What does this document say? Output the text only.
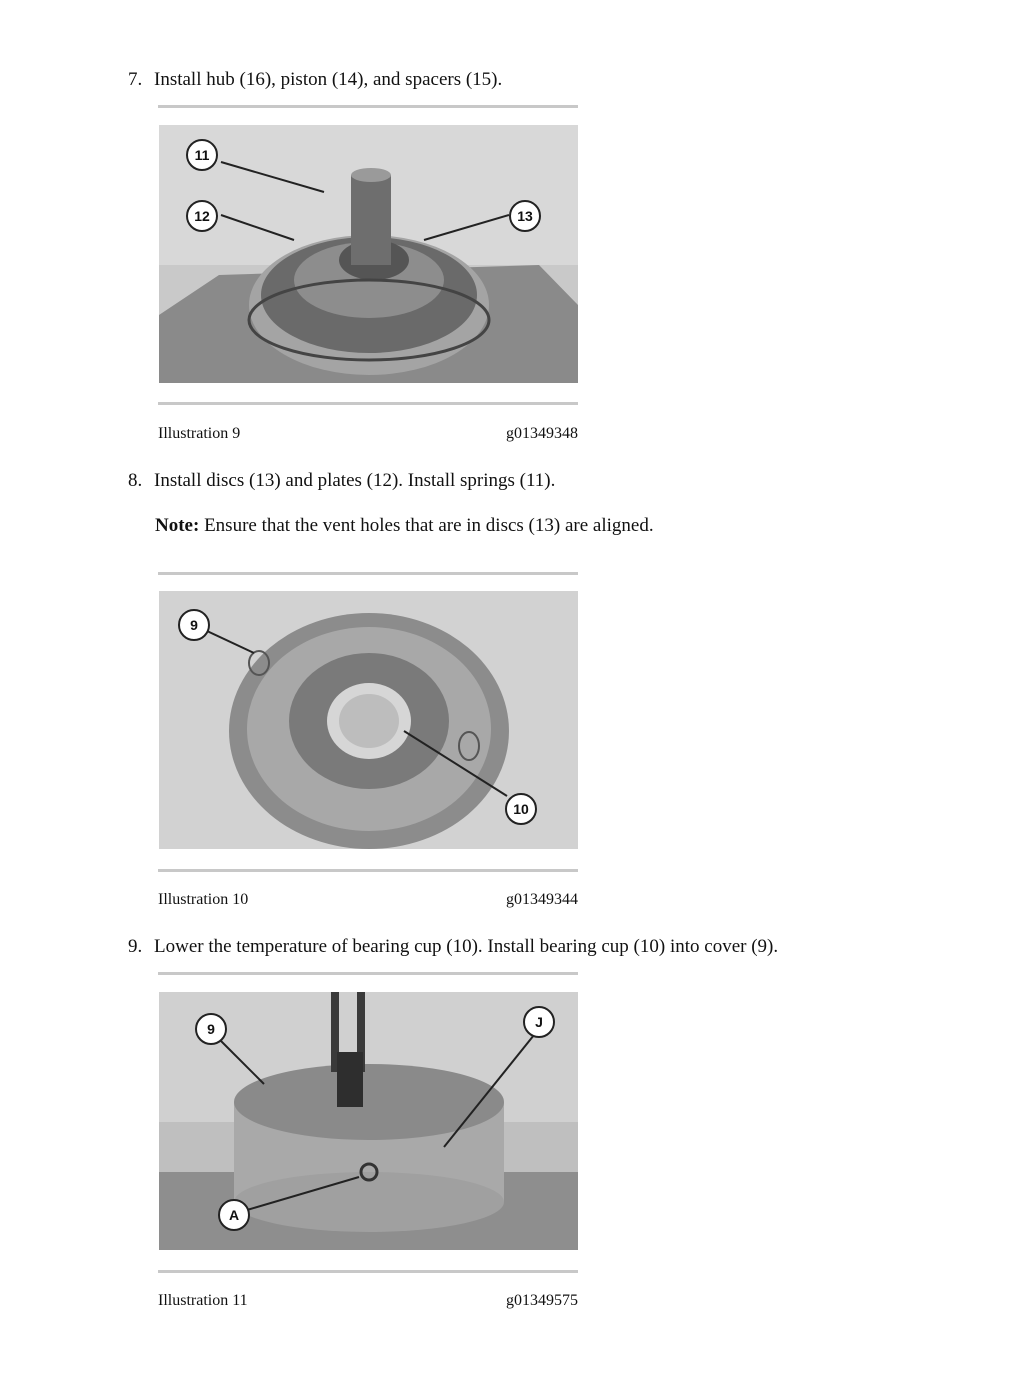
7. Install hub (16), piston (14), and spacers (15).
11
12	13
Illustration 9	g01349348
8. Install discs (13) and plates (12). Install springs (11).
Note: Ensure that the vent holes that are in discs (13) are aligned.
9
10
Illustration 10	g01349344
9. Lower the temperature of bearing cup (10). Install bearing cup (10) into cover (9).
9	J
A
Illustration 11	g01349575
